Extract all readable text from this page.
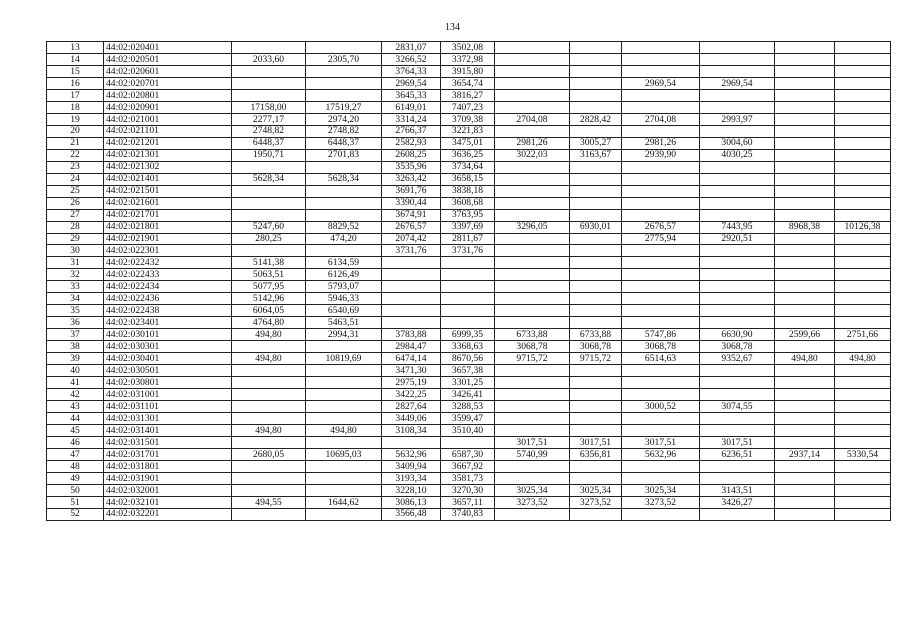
134
13	44:02:020401			2831,07	3502,08						
14	44:02:020501	2033,60	2305,70	3266,52	3372,98						
15	44:02:020601			3764,33	3915,80						
16	44:02:020701			2969,54	3654,74			2969,54	2969,54		
17	44:02:020801			3645,33	3816,27						
18	44:02:020901	17158,00	17519,27	6149,01	7407,23						
19	44:02:021001	2277,17	2974,20	3314,24	3709,38	2704,08	2828,42	2704,08	2993,97		
20	44:02:021101	2748,82	2748,82	2766,37	3221,83						
21	44:02:021201	6448,37	6448,37	2582,93	3475,01	2981,26	3005,27	2981,26	3004,60		
22	44:02:021301	1950,71	2701,83	2608,25	3636,25	3022,03	3163,67	2939,90	4030,25		
23	44:02:021302			3535,96	3734,64						
24	44:02:021401	5628,34	5628,34	3263,42	3658,15						
25	44:02:021501			3691,76	3838,18						
26	44:02:021601			3390,44	3608,68						
27	44:02:021701			3674,91	3763,95						
28	44:02:021801	5247,60	8829,52	2676,57	3397,69	3296,05	6930,01	2676,57	7443,95	8968,38	10126,38
29	44:02:021901	280,25	474,20	2074,42	2811,67			2775,94	2920,51		
30	44:02:022301			3731,76	3731,76						
31	44:02:022432	5141,38	6134,59								
32	44:02:022433	5063,51	6126,49								
33	44:02:022434	5077,95	5793,07								
34	44:02:022436	5142,96	5946,33								
35	44:02:022438	6064,05	6540,69								
36	44:02:023401	4764,80	5463,51								
37	44:02:030101	494,80	2994,31	3783,88	6999,35	6733,88	6733,88	5747,86	6630,90	2599,66	2751,66
38	44:02:030301			2984,47	3368,63	3068,78	3068,78	3068,78	3068,78		
39	44:02:030401	494,80	10819,69	6474,14	8670,56	9715,72	9715,72	6514,63	9352,67	494,80	494,80
40	44:02:030501			3471,30	3657,38						
41	44:02:030801			2975,19	3301,25						
42	44:02:031001			3422,25	3426,41						
43	44:02:031101			2827,64	3288,53			3000,52	3074,55		
44	44:02:031301			3449,06	3599,47						
45	44:02:031401	494,80	494,80	3108,34	3510,40						
46	44:02:031501					3017,51	3017,51	3017,51	3017,51		
47	44:02:031701	2680,05	10695,03	5632,96	6587,30	5740,99	6356,81	5632,96	6236,51	2937,14	5330,54
48	44:02:031801			3409,94	3667,92						
49	44:02:031901			3193,34	3581,73						
50	44:02:032001			3228,10	3270,30	3025,34	3025,34	3025,34	3143,51		
51	44:02:032101	494,55	1644,62	3086,13	3657,11	3273,52	3273,52	3273,52	3426,27		
52	44:02:032201			3566,48	3740,83						
